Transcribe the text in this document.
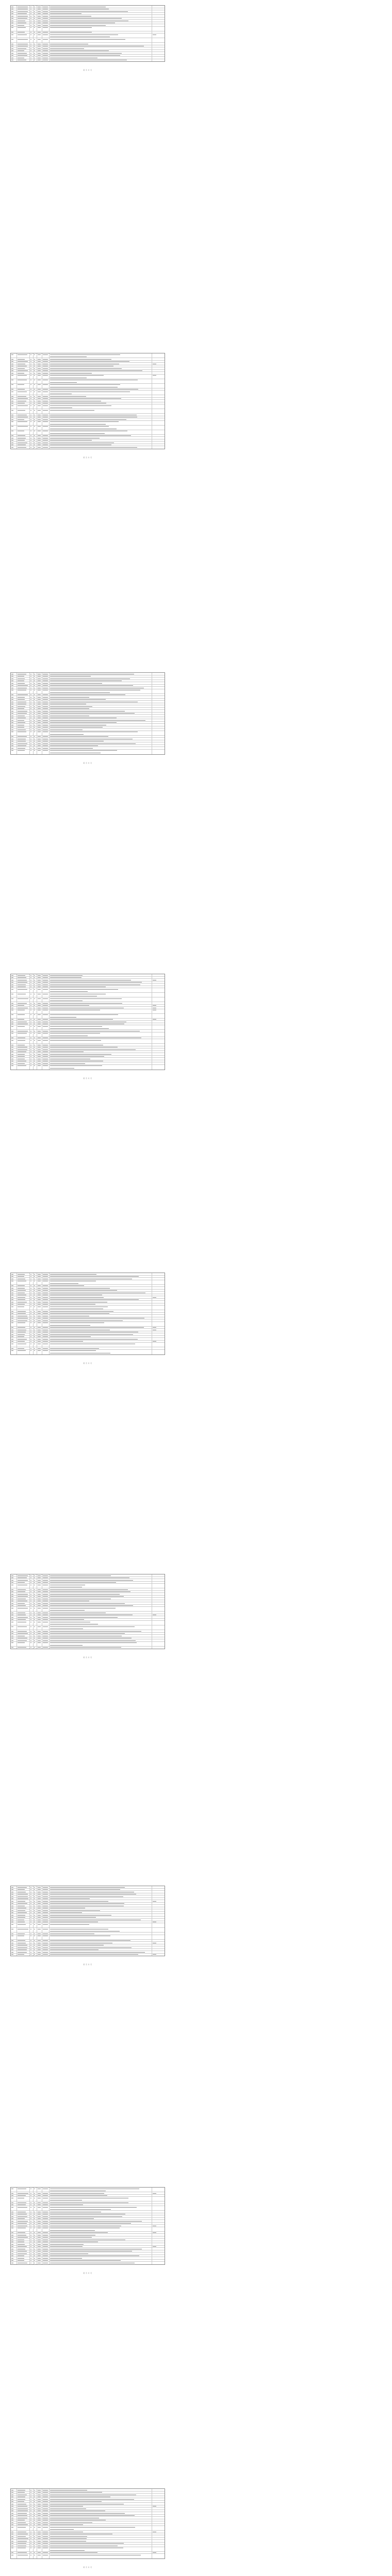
第 页 共 页
第 页 共 页
第 页 共 页
第 页 共 页
第 页 共 页
第 页 共 页
第 页 共 页
第 页 共 页
第 页 共 页
